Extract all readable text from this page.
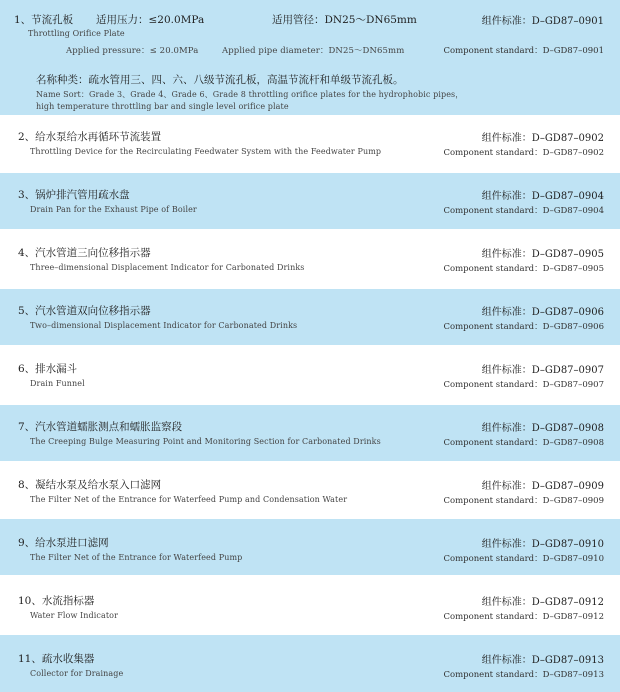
1、节流孔板 适用压力：≤20.0MPa	适用管径：DN25～DN65mm	组件标准：D–GD87–0901
Throttling Orifice Plate
Applied pressure：≤ 20.0MPa	Applied pipe diameter：DN25～DN65mm	Component standard：D–GD87–0901
名称种类：疏水管用三、四、六、八级节流孔板，高温节流杆和单级节流孔板。
Name Sort：Grade 3、Grade 4、Grade 6、Grade 8 throttling orifice plates for the hydrophobic pipes，
high temperature throttling bar and single level orifice plate
2、给水泵给水再循环节流装置
Throttling Device for the Recirculating Feedwater System with the Feedwater Pump
组件标准：D–GD87–0902
Component standard：D–GD87–0902
3、锅炉排汽管用疏水盘
Drain Pan for the Exhaust Pipe of Boiler
组件标准：D–GD87–0904
Component standard：D–GD87–0904
4、汽水管道三向位移指示器
Three–dimensional Displacement Indicator for Carbonated Drinks
组件标准：D–GD87–0905
Component standard：D–GD87–0905
5、汽水管道双向位移指示器
Two–dimensional Displacement Indicator for Carbonated Drinks
组件标准：D–GD87–0906
Component standard：D–GD87–0906
6、排水漏斗
Drain Funnel
组件标准：D–GD87–0907
Component standard：D–GD87–0907
7、汽水管道蠕胀测点和蠕胀监察段
The Creeping Bulge Measuring Point and Monitoring Section for Carbonated Drinks
组件标准：D–GD87–0908
Component standard：D–GD87–0908
8、凝结水泵及给水泵入口滤网
The Filter Net of the Entrance for Waterfeed Pump and Condensation Water
组件标准：D–GD87–0909
Component standard：D–GD87–0909
9、给水泵进口滤网
The Filter Net of the Entrance for Waterfeed Pump
组件标准：D–GD87–0910
Component standard：D–GD87–0910
10、水流指标器
Water Flow Indicator
组件标准：D–GD87–0912
Component standard：D–GD87–0912
11、疏水收集器
Collector for Drainage
组件标准：D–GD87–0913
Component standard：D–GD87–0913
